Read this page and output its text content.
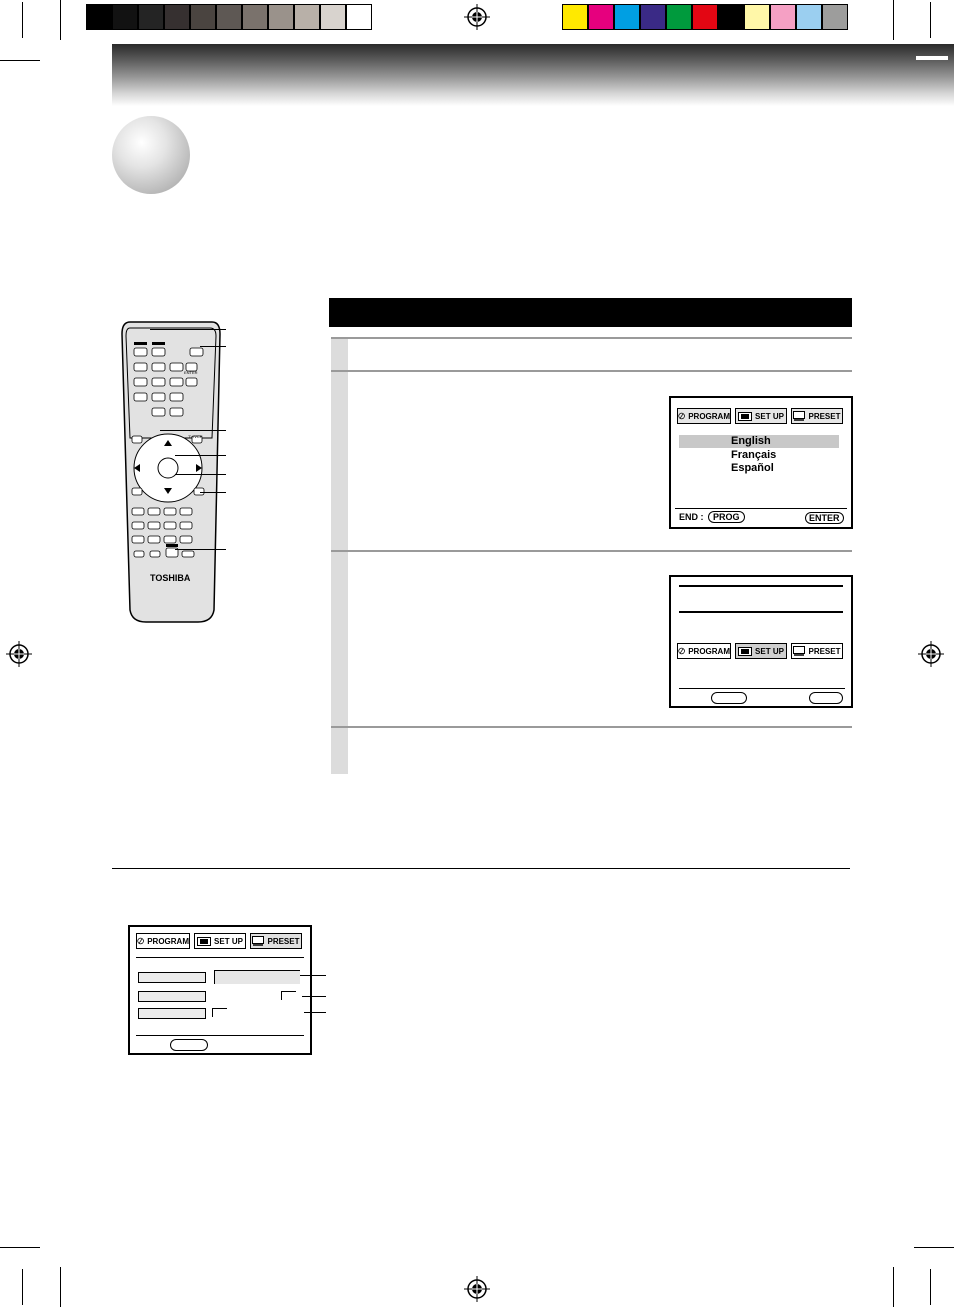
TOSHIBA
TV/VCR
ENTER
PROGRAM	SET UP	PRESET
English
Français
Español
END : PROG	ENTER
PROGRAM	SET UP	PRESET
PROGRAM	SET UP	PRESET
